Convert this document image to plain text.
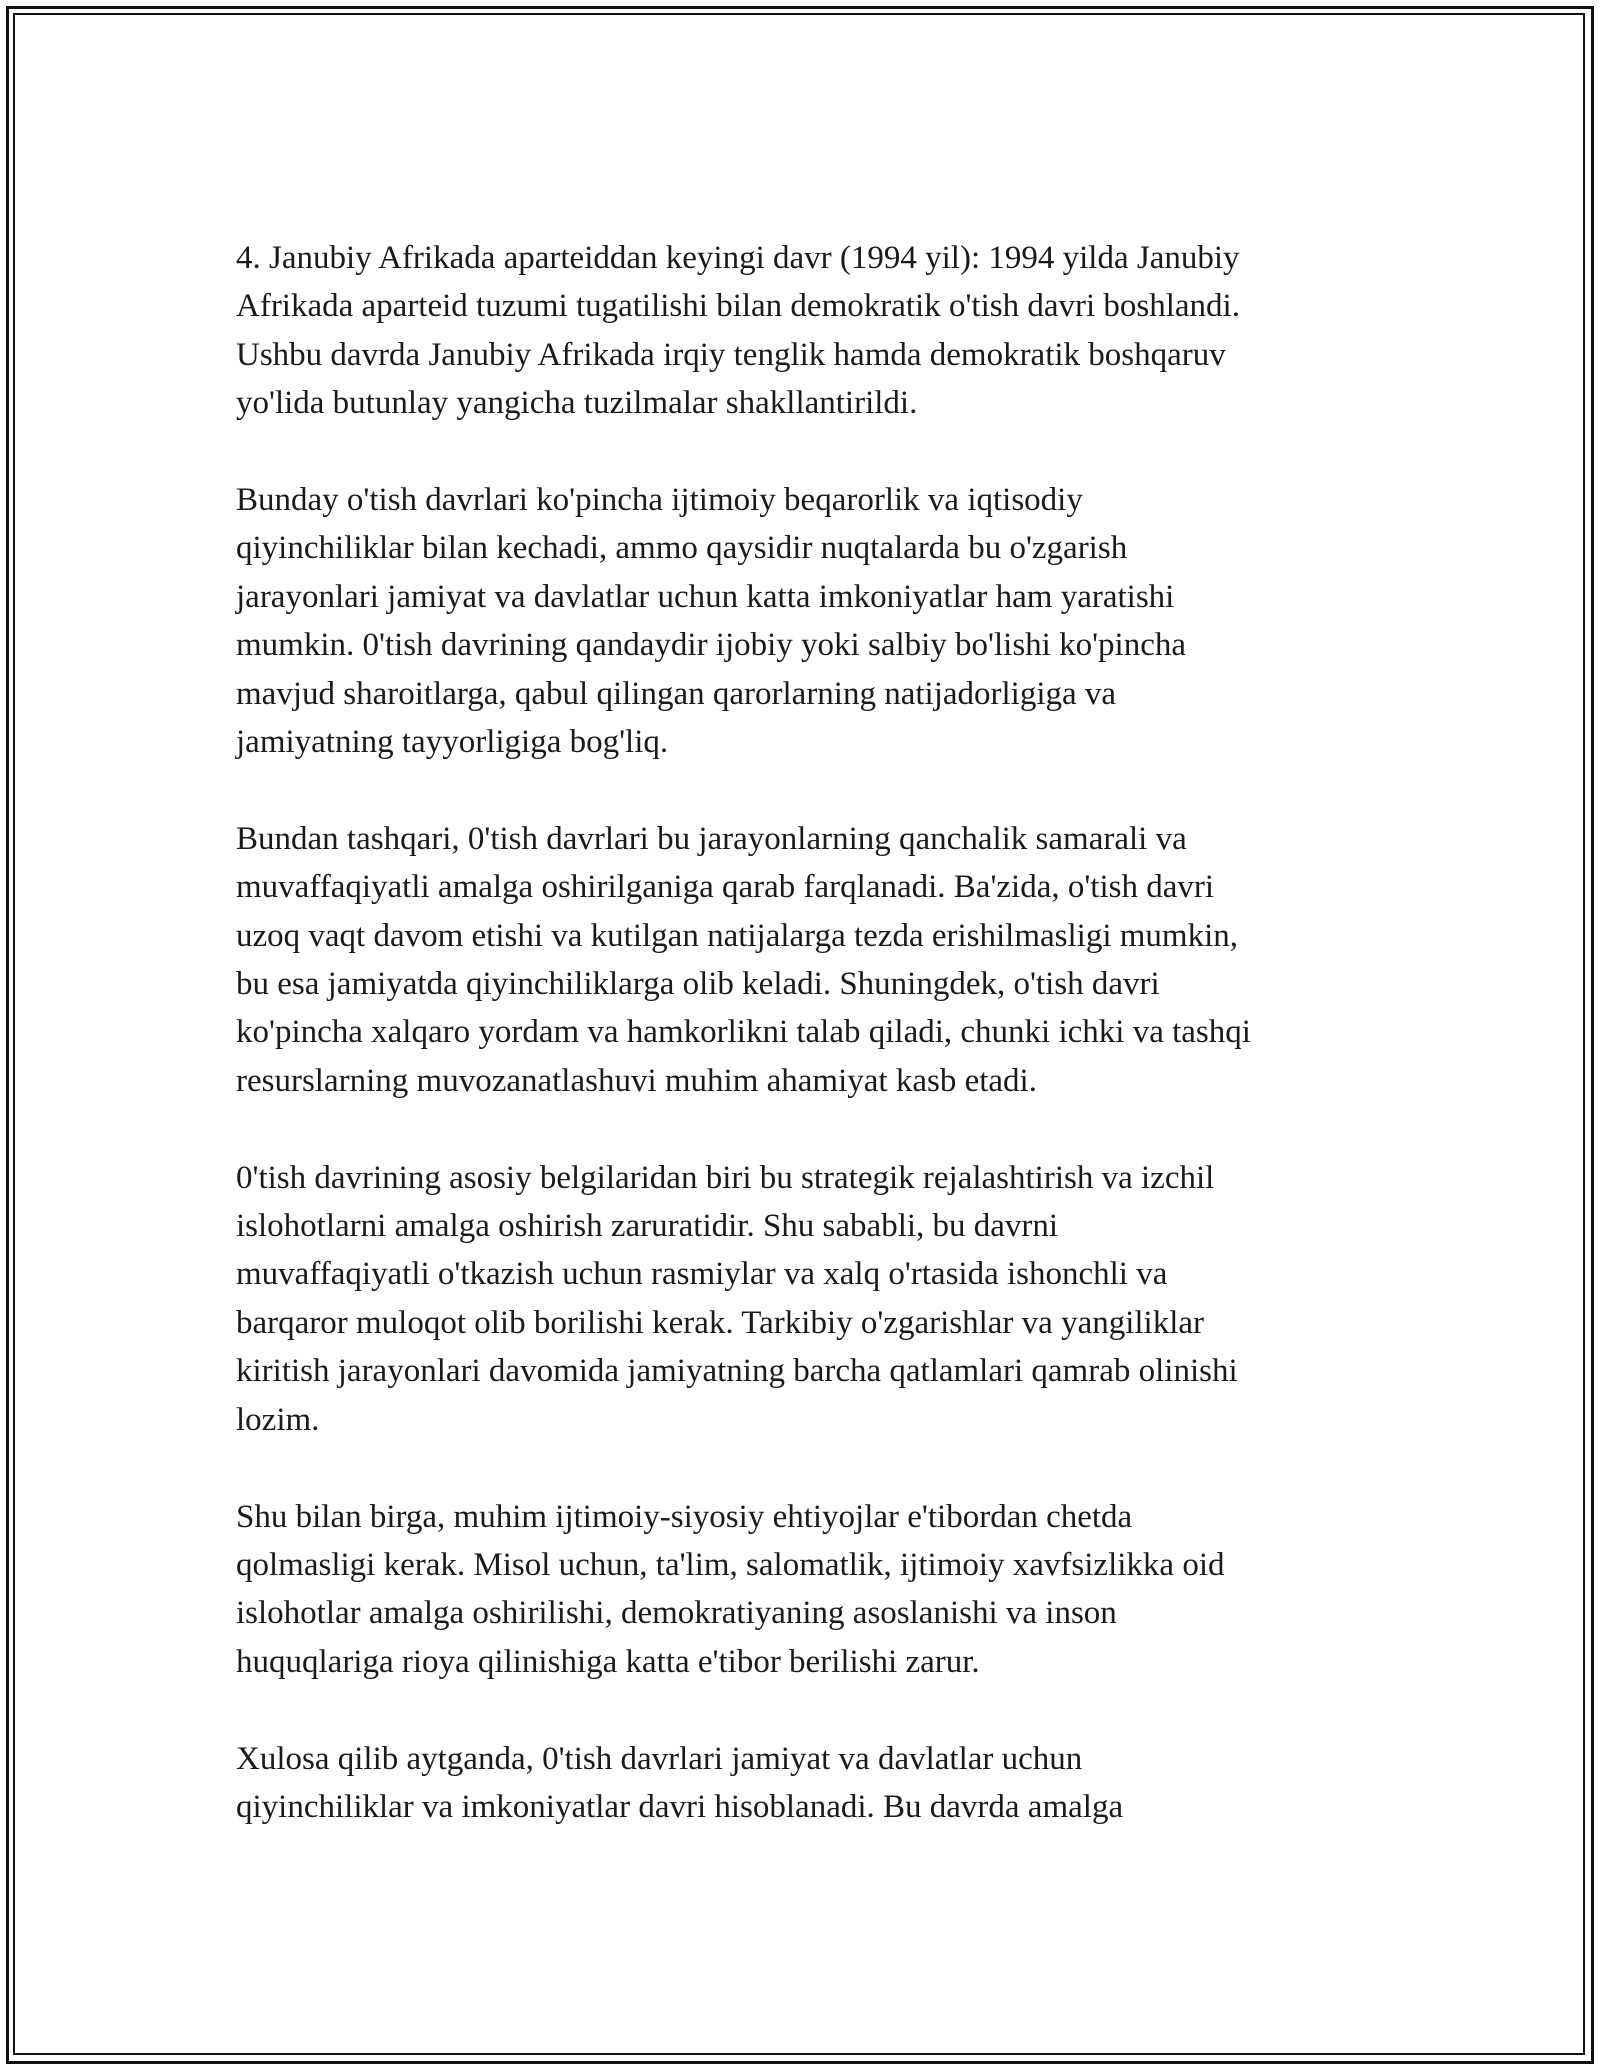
4. Janubiy Afrikada aparteiddan keyingi davr (1994 yil): 1994 yilda Janubiy
Afrikada aparteid tuzumi tugatilishi bilan demokratik o'tish davri boshlandi.
Ushbu davrda Janubiy Afrikada irqiy tenglik hamda demokratik boshqaruv
yo'lida butunlay yangicha tuzilmalar shakllantirildi.

Bunday o'tish davrlari ko'pincha ijtimoiy beqarorlik va iqtisodiy
qiyinchiliklar bilan kechadi, ammo qaysidir nuqtalarda bu o'zgarish
jarayonlari jamiyat va davlatlar uchun katta imkoniyatlar ham yaratishi
mumkin. 0'tish davrining qandaydir ijobiy yoki salbiy bo'lishi ko'pincha
mavjud sharoitlarga, qabul qilingan qarorlarning natijadorligiga va
jamiyatning tayyorligiga bog'liq.

Bundan tashqari, 0'tish davrlari bu jarayonlarning qanchalik samarali va
muvaffaqiyatli amalga oshirilganiga qarab farqlanadi. Ba'zida, o'tish davri
uzoq vaqt davom etishi va kutilgan natijalarga tezda erishilmasligi mumkin,
bu esa jamiyatda qiyinchiliklarga olib keladi. Shuningdek, o'tish davri
ko'pincha xalqaro yordam va hamkorlikni talab qiladi, chunki ichki va tashqi
resurslarning muvozanatlashuvi muhim ahamiyat kasb etadi.

0'tish davrining asosiy belgilaridan biri bu strategik rejalashtirish va izchil
islohotlarni amalga oshirish zaruratidir. Shu sababli, bu davrni
muvaffaqiyatli o'tkazish uchun rasmiylar va xalq o'rtasida ishonchli va
barqaror muloqot olib borilishi kerak. Tarkibiy o'zgarishlar va yangiliklar
kiritish jarayonlari davomida jamiyatning barcha qatlamlari qamrab olinishi
lozim.

Shu bilan birga, muhim ijtimoiy-siyosiy ehtiyojlar e'tibordan chetda
qolmasligi kerak. Misol uchun, ta'lim, salomatlik, ijtimoiy xavfsizlikka oid
islohotlar amalga oshirilishi, demokratiyaning asoslanishi va inson
huquqlariga rioya qilinishiga katta e'tibor berilishi zarur.

Xulosa qilib aytganda, 0'tish davrlari jamiyat va davlatlar uchun
qiyinchiliklar va imkoniyatlar davri hisoblanadi. Bu davrda amalga
